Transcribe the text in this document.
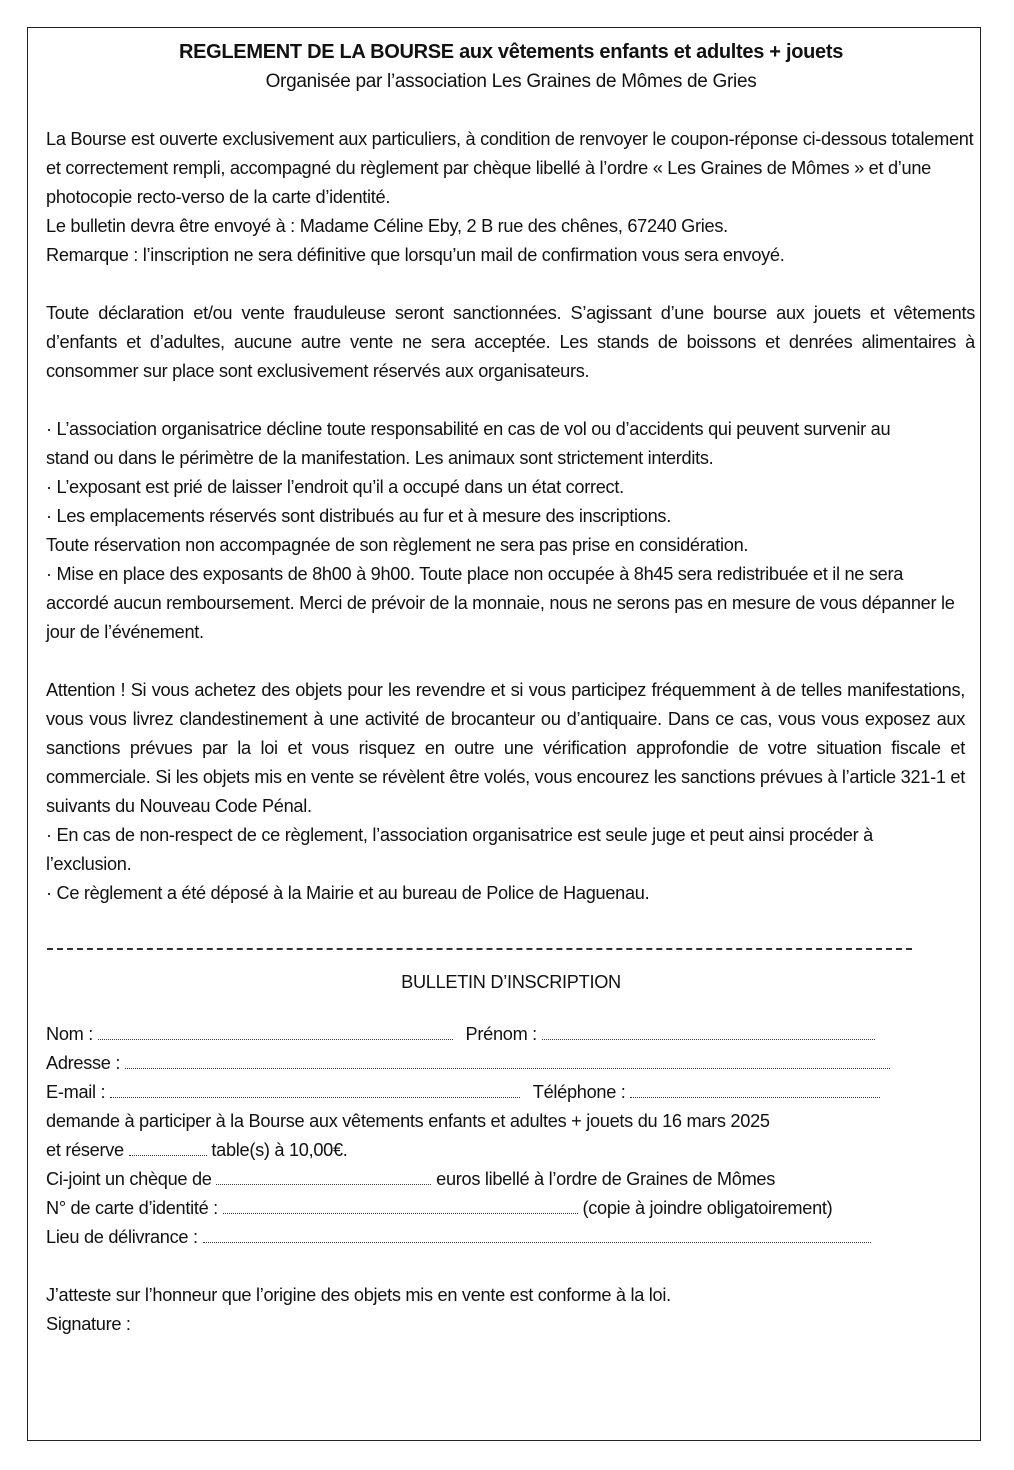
REGLEMENT DE LA BOURSE aux vêtements enfants et adultes + jouets
Organisée par l’association Les Graines de Mômes de Gries

La Bourse est ouverte exclusivement aux particuliers, à condition de renvoyer le coupon-réponse ci-dessous totalement et correctement rempli, accompagné du règlement par chèque libellé à l’ordre « Les Graines de Mômes » et d’une photocopie recto-verso de la carte d’identité.

Le bulletin devra être envoyé à : Madame Céline Eby, 2 B rue des chênes, 67240 Gries.

Remarque : l’inscription ne sera définitive que lorsqu’un mail de confirmation vous sera envoyé.

Toute déclaration et/ou vente frauduleuse seront sanctionnées. S’agissant d’une bourse aux jouets et vêtements d’enfants et d’adultes, aucune autre vente ne sera acceptée. Les stands de boissons et denrées alimentaires à consommer sur place sont exclusivement réservés aux organisateurs.

· L’association organisatrice décline toute responsabilité en cas de vol ou d’accidents qui peuvent survenir au stand ou dans le périmètre de la manifestation. Les animaux sont strictement interdits.

· L’exposant est prié de laisser l’endroit qu’il a occupé dans un état correct.

· Les emplacements réservés sont distribués au fur et à mesure des inscriptions.

Toute réservation non accompagnée de son règlement ne sera pas prise en considération.

· Mise en place des exposants de 8h00 à 9h00. Toute place non occupée à 8h45 sera redistribuée et il ne sera accordé aucun remboursement. Merci de prévoir de la monnaie, nous ne serons pas en mesure de vous dépanner le jour de l’événement.

Attention ! Si vous achetez des objets pour les revendre et si vous participez fréquemment à de telles manifestations, vous vous livrez clandestinement à une activité de brocanteur ou d’antiquaire. Dans ce cas, vous vous exposez aux sanctions prévues par la loi et vous risquez en outre une vérification approfondie de votre situation fiscale et commerciale. Si les objets mis en vente se révèlent être volés, vous encourez les sanctions prévues à l’article 321-1 et suivants du Nouveau Code Pénal.

· En cas de non-respect de ce règlement, l’association organisatrice est seule juge et peut ainsi procéder à l’exclusion.

· Ce règlement a été déposé à la Mairie et au bureau de Police de Haguenau.

BULLETIN D’INSCRIPTION
Nom :	Prénom :
Adresse :
E-mail :	Téléphone :

demande à participer à la Bourse aux vêtements enfants et adultes + jouets du 16 mars 2025

et réserve	table(s) à 10,00€.
Ci-joint un chèque de	euros libellé à l’ordre de Graines de Mômes
N° de carte d’identité :	(copie à joindre obligatoirement)
Lieu de délivrance :

J’atteste sur l’honneur que l’origine des objets mis en vente est conforme à la loi.

Signature :
